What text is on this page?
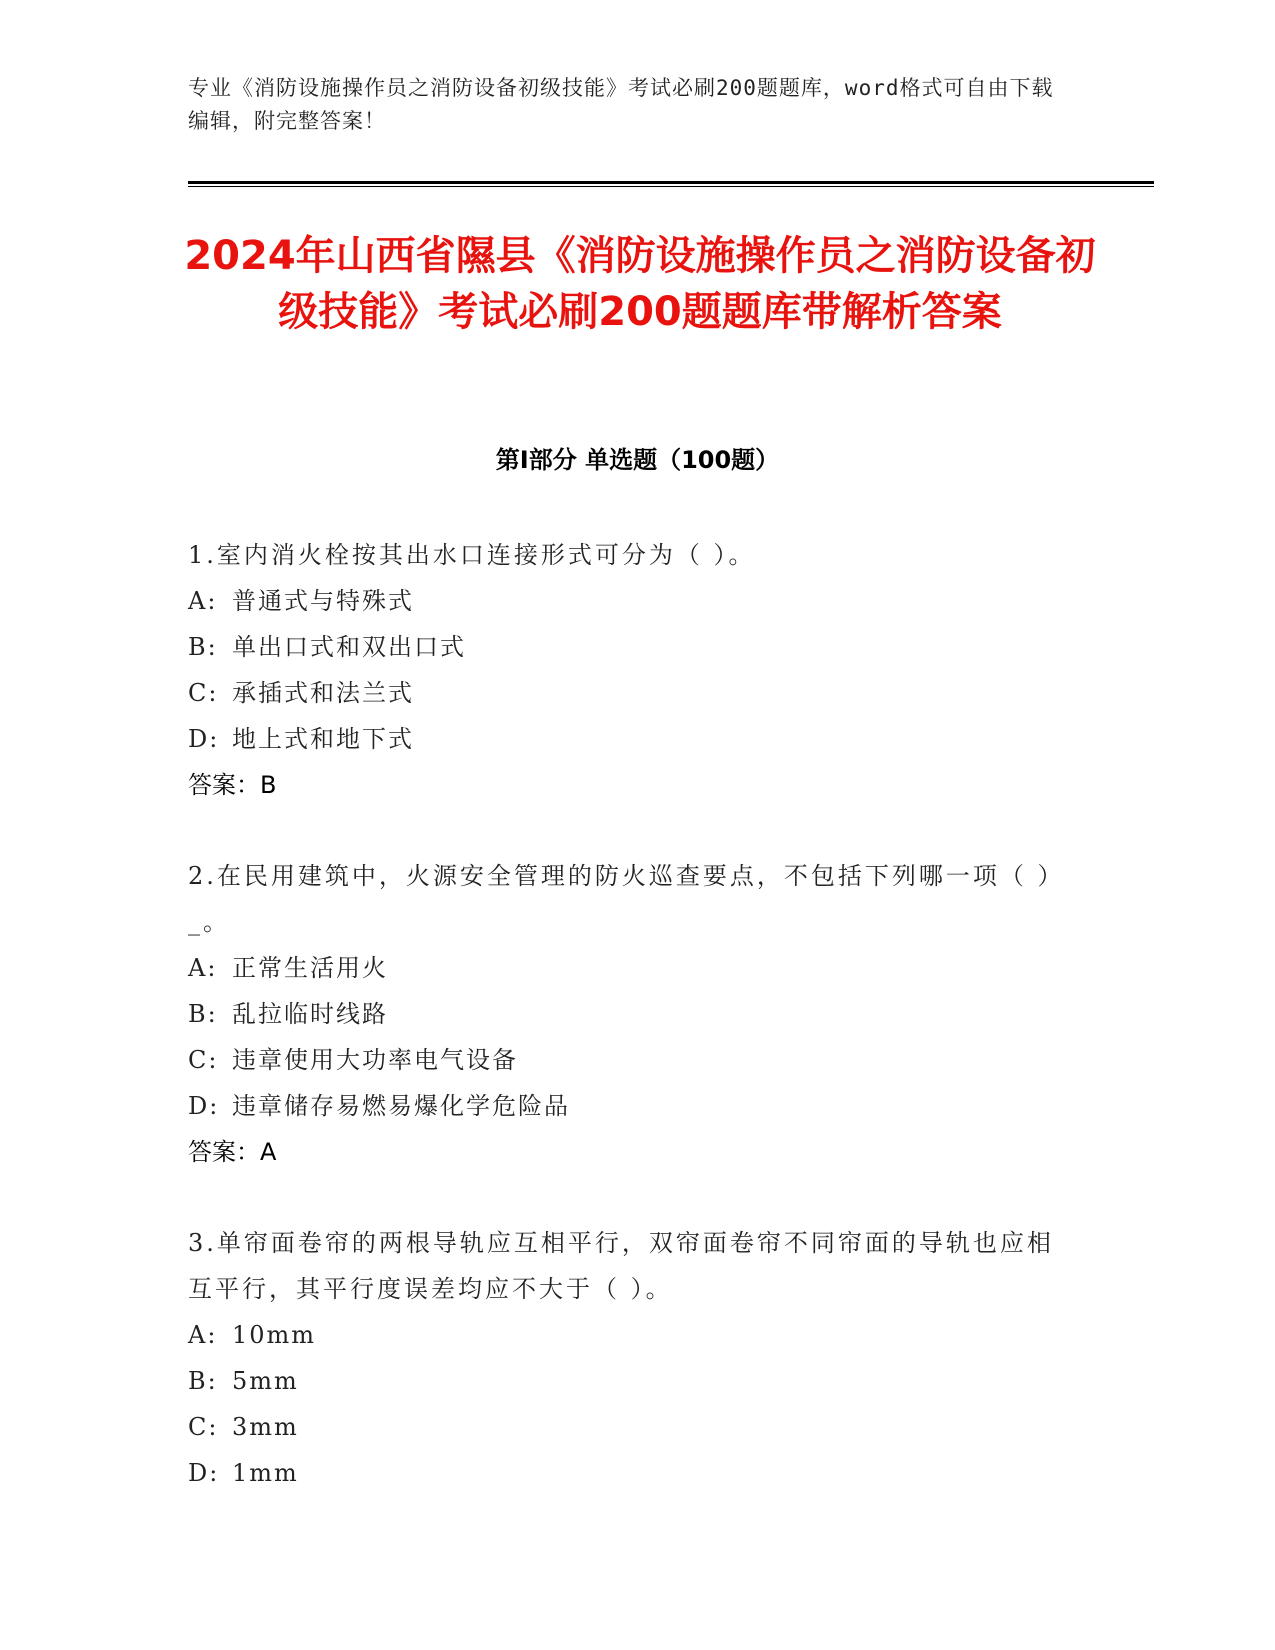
专业《消防设施操作员之消防设备初级技能》考试必刷200题题库，word格式可自由下载编辑，附完整答案！
2024年山西省隰县《消防设施操作员之消防设备初级技能》考试必刷200题题库带解析答案
第I部分 单选题（100题）

1.室内消火栓按其出水口连接形式可分为（ ）。

A: 普通式与特殊式

B: 单出口式和双出口式

C: 承插式和法兰式

D: 地上式和地下式

答案：B

2.在民用建筑中，火源安全管理的防火巡查要点，不包括下列哪一项（ ）_。

A: 正常生活用火

B: 乱拉临时线路

C: 违章使用大功率电气设备

D: 违章储存易燃易爆化学危险品

答案：A

3.单帘面卷帘的两根导轨应互相平行，双帘面卷帘不同帘面的导轨也应相互平行，其平行度误差均应不大于（ ）。

A: 10mm

B: 5mm

C: 3mm

D: 1mm
